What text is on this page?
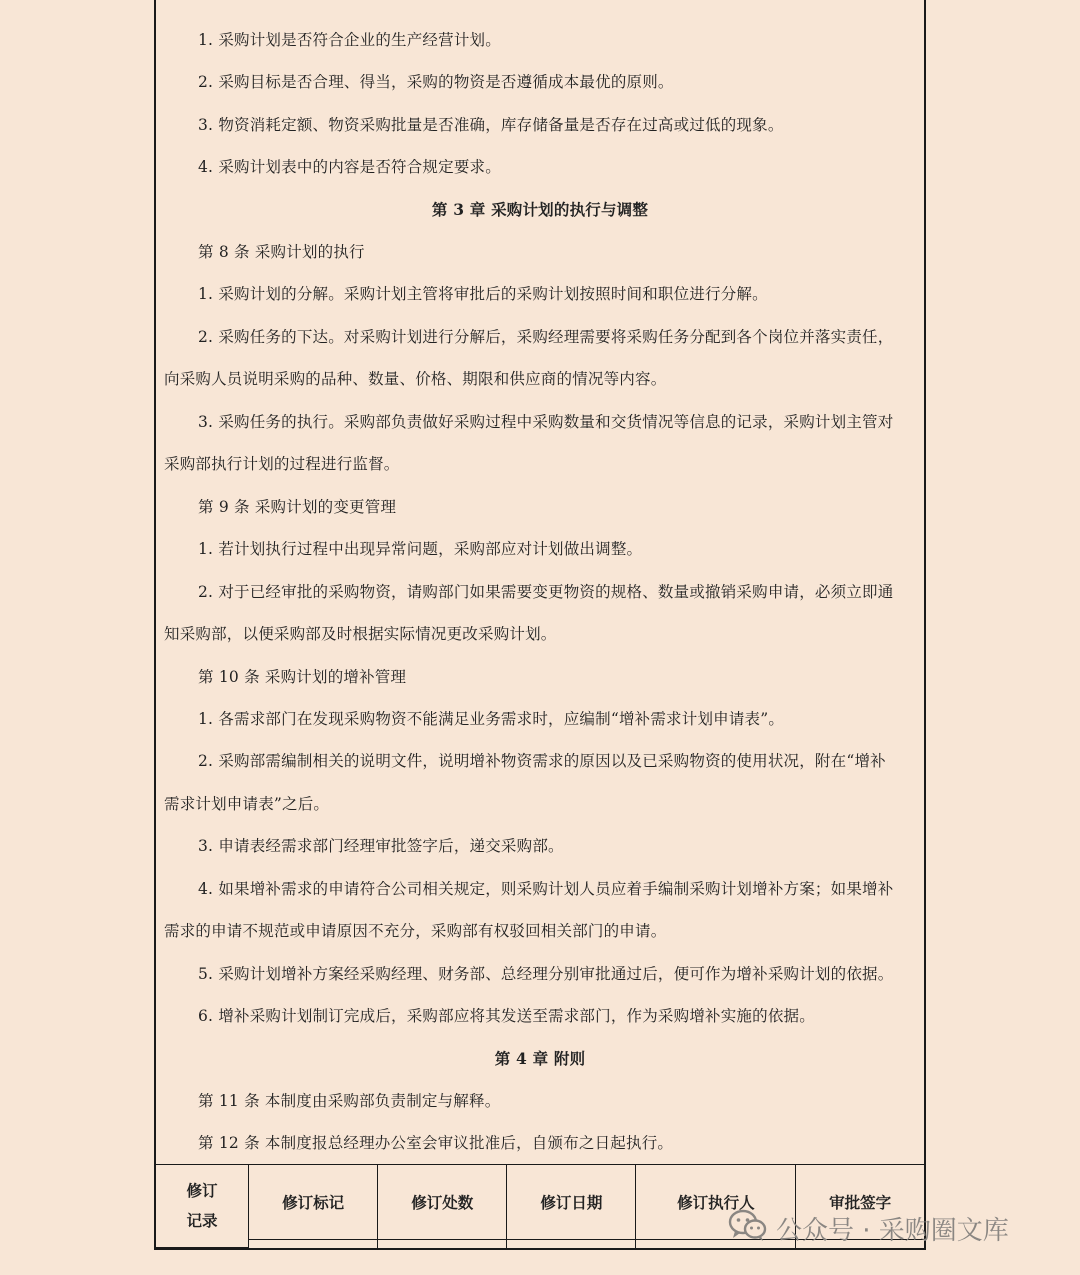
1. 采购计划是否符合企业的生产经营计划。
2. 采购目标是否合理、得当，采购的物资是否遵循成本最优的原则。
3. 物资消耗定额、物资采购批量是否准确，库存储备量是否存在过高或过低的现象。
4. 采购计划表中的内容是否符合规定要求。
第 3 章 采购计划的执行与调整
第 8 条 采购计划的执行
1. 采购计划的分解。采购计划主管将审批后的采购计划按照时间和职位进行分解。
2. 采购任务的下达。对采购计划进行分解后，采购经理需要将采购任务分配到各个岗位并落实责任，
向采购人员说明采购的品种、数量、价格、期限和供应商的情况等内容。
3. 采购任务的执行。采购部负责做好采购过程中采购数量和交货情况等信息的记录，采购计划主管对
采购部执行计划的过程进行监督。
第 9 条 采购计划的变更管理
1. 若计划执行过程中出现异常问题，采购部应对计划做出调整。
2. 对于已经审批的采购物资，请购部门如果需要变更物资的规格、数量或撤销采购申请，必须立即通
知采购部，以便采购部及时根据实际情况更改采购计划。
第 10 条 采购计划的增补管理
1. 各需求部门在发现采购物资不能满足业务需求时，应编制“增补需求计划申请表”。
2. 采购部需编制相关的说明文件，说明增补物资需求的原因以及已采购物资的使用状况，附在“增补
需求计划申请表”之后。
3. 申请表经需求部门经理审批签字后，递交采购部。
4. 如果增补需求的申请符合公司相关规定，则采购计划人员应着手编制采购计划增补方案；如果增补
需求的申请不规范或申请原因不充分，采购部有权驳回相关部门的申请。
5. 采购计划增补方案经采购经理、财务部、总经理分别审批通过后，便可作为增补采购计划的依据。
6. 增补采购计划制订完成后，采购部应将其发送至需求部门，作为采购增补实施的依据。
第 4 章 附则
第 11 条 本制度由采购部负责制定与解释。
第 12 条 本制度报总经理办公室会审议批准后，自颁布之日起执行。
修订
记录	修订标记	修订处数	修订日期	修订执行人	审批签字

公众号 · 采购圈文库
